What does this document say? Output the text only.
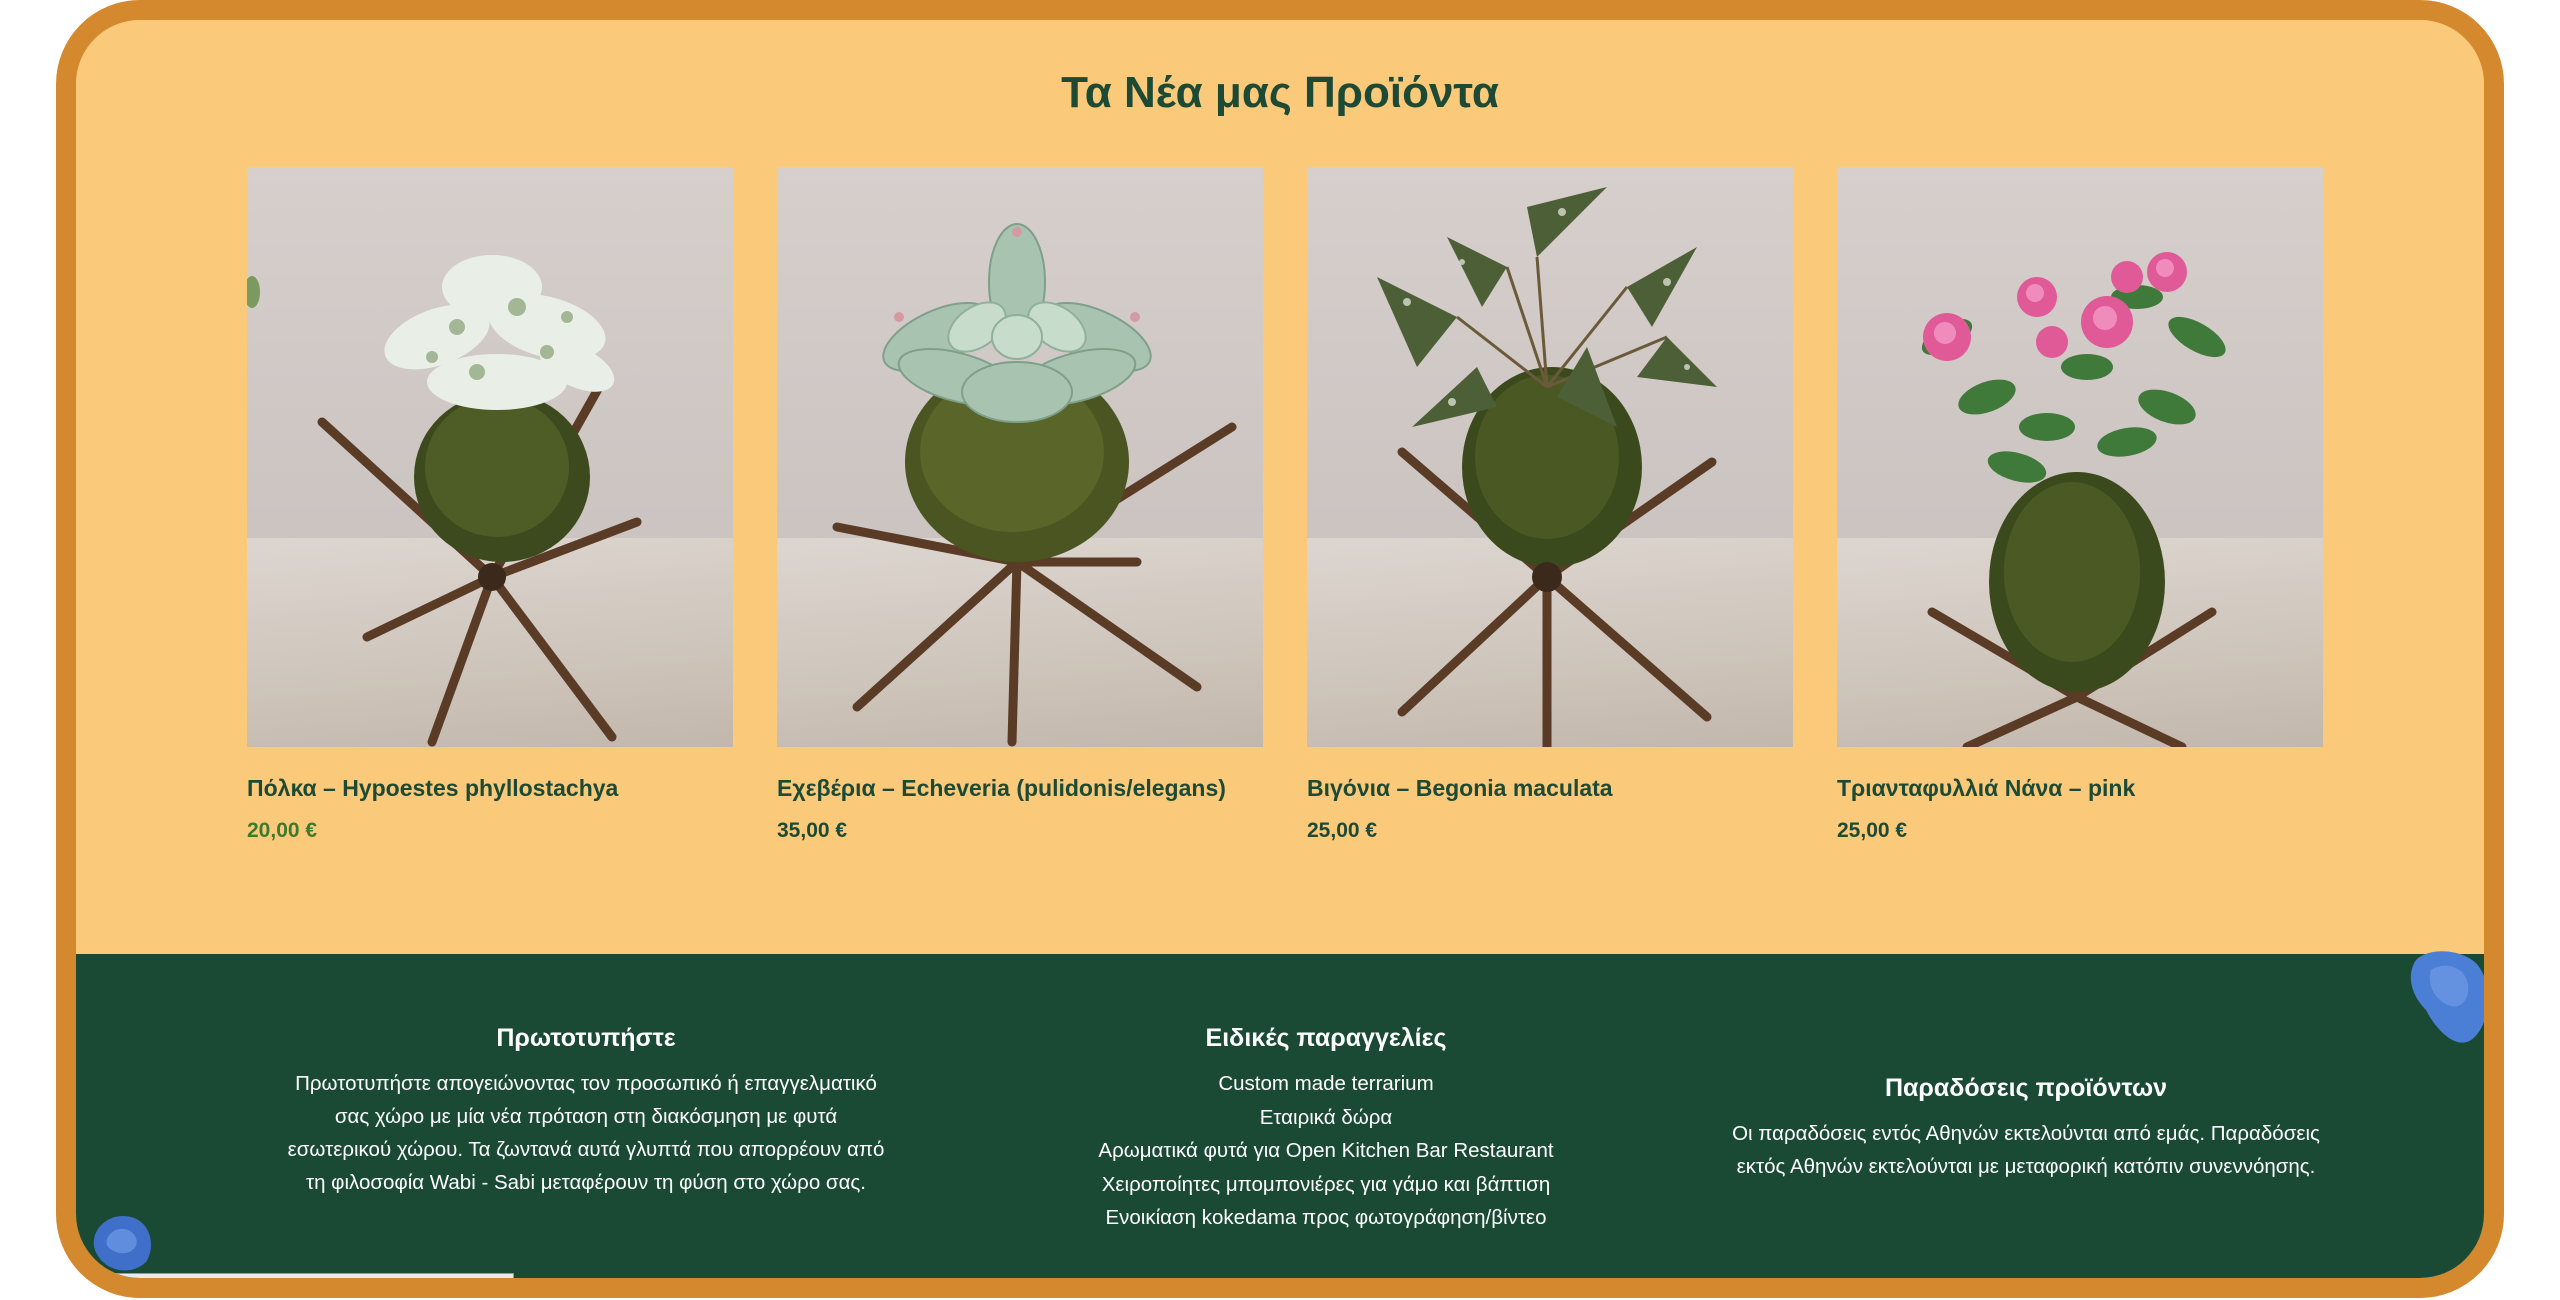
Τα Νέα μας Προϊόντα
Πόλκα – Hypoestes phyllostachya
20,00 €
Εχεβέρια – Echeveria (pulidonis/elegans)
35,00 €
Βιγόνια – Begonia maculata
25,00 €
Τριανταφυλλιά Νάνα – pink
25,00 €
Πρωτοτυπήστε

Πρωτοτυπήστε απογειώνοντας τον προσωπικό ή επαγγελματικό
σας χώρο με μία νέα πρόταση στη διακόσμηση με φυτά
εσωτερικού χώρου. Τα ζωντανά αυτά γλυπτά που απορρέουν από
τη φιλοσοφία Wabi - Sabi μεταφέρουν τη φύση στο χώρο σας.

Ειδικές παραγγελίες
Custom made terrarium
Εταιρικά δώρα
Αρωματικά φυτά για Open Kitchen Bar Restaurant
Χειροποίητες μπομπονιέρες για γάμο και βάπτιση
Ενοικίαση kokedama προς φωτογράφηση/βίντεο
Παραδόσεις προϊόντων

Οι παραδόσεις εντός Αθηνών εκτελούνται από εμάς. Παραδόσεις
εκτός Αθηνών εκτελούνται με μεταφορική κατόπιν συνεννόησης.

ankokedama.gr/product/hypoestes-phyllostachya-kokedama-πόλκα/
